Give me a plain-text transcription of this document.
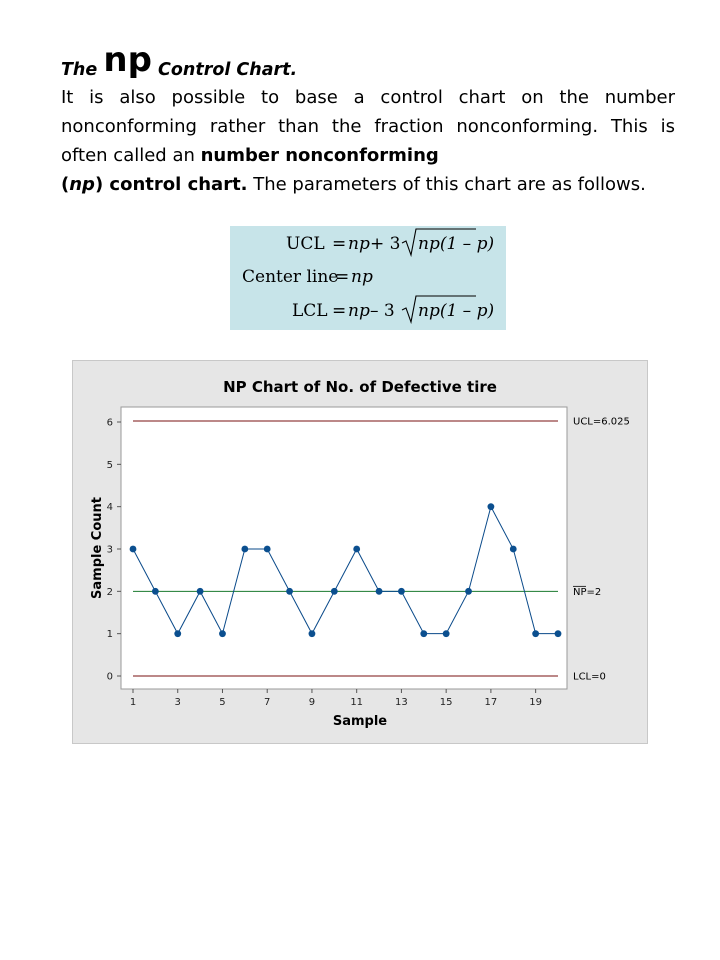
The np Control Chart.

It is also possible to base a control chart on the number
nonconforming rather than the fraction nonconforming. This is
often called an number nonconforming
(np) control chart. The parameters of this chart are as follows.
UCL = np + 3 np(1 – p)
Center line
= np
LCL = np – 3 np(1 – p)
NP Chart of No. of Defective tire
0
1
2
3
4
5
6
1	3	5	7	9	11	13	15	17	19
Sample
Sample Count
UCL=6.025
NP=2
LCL=0
